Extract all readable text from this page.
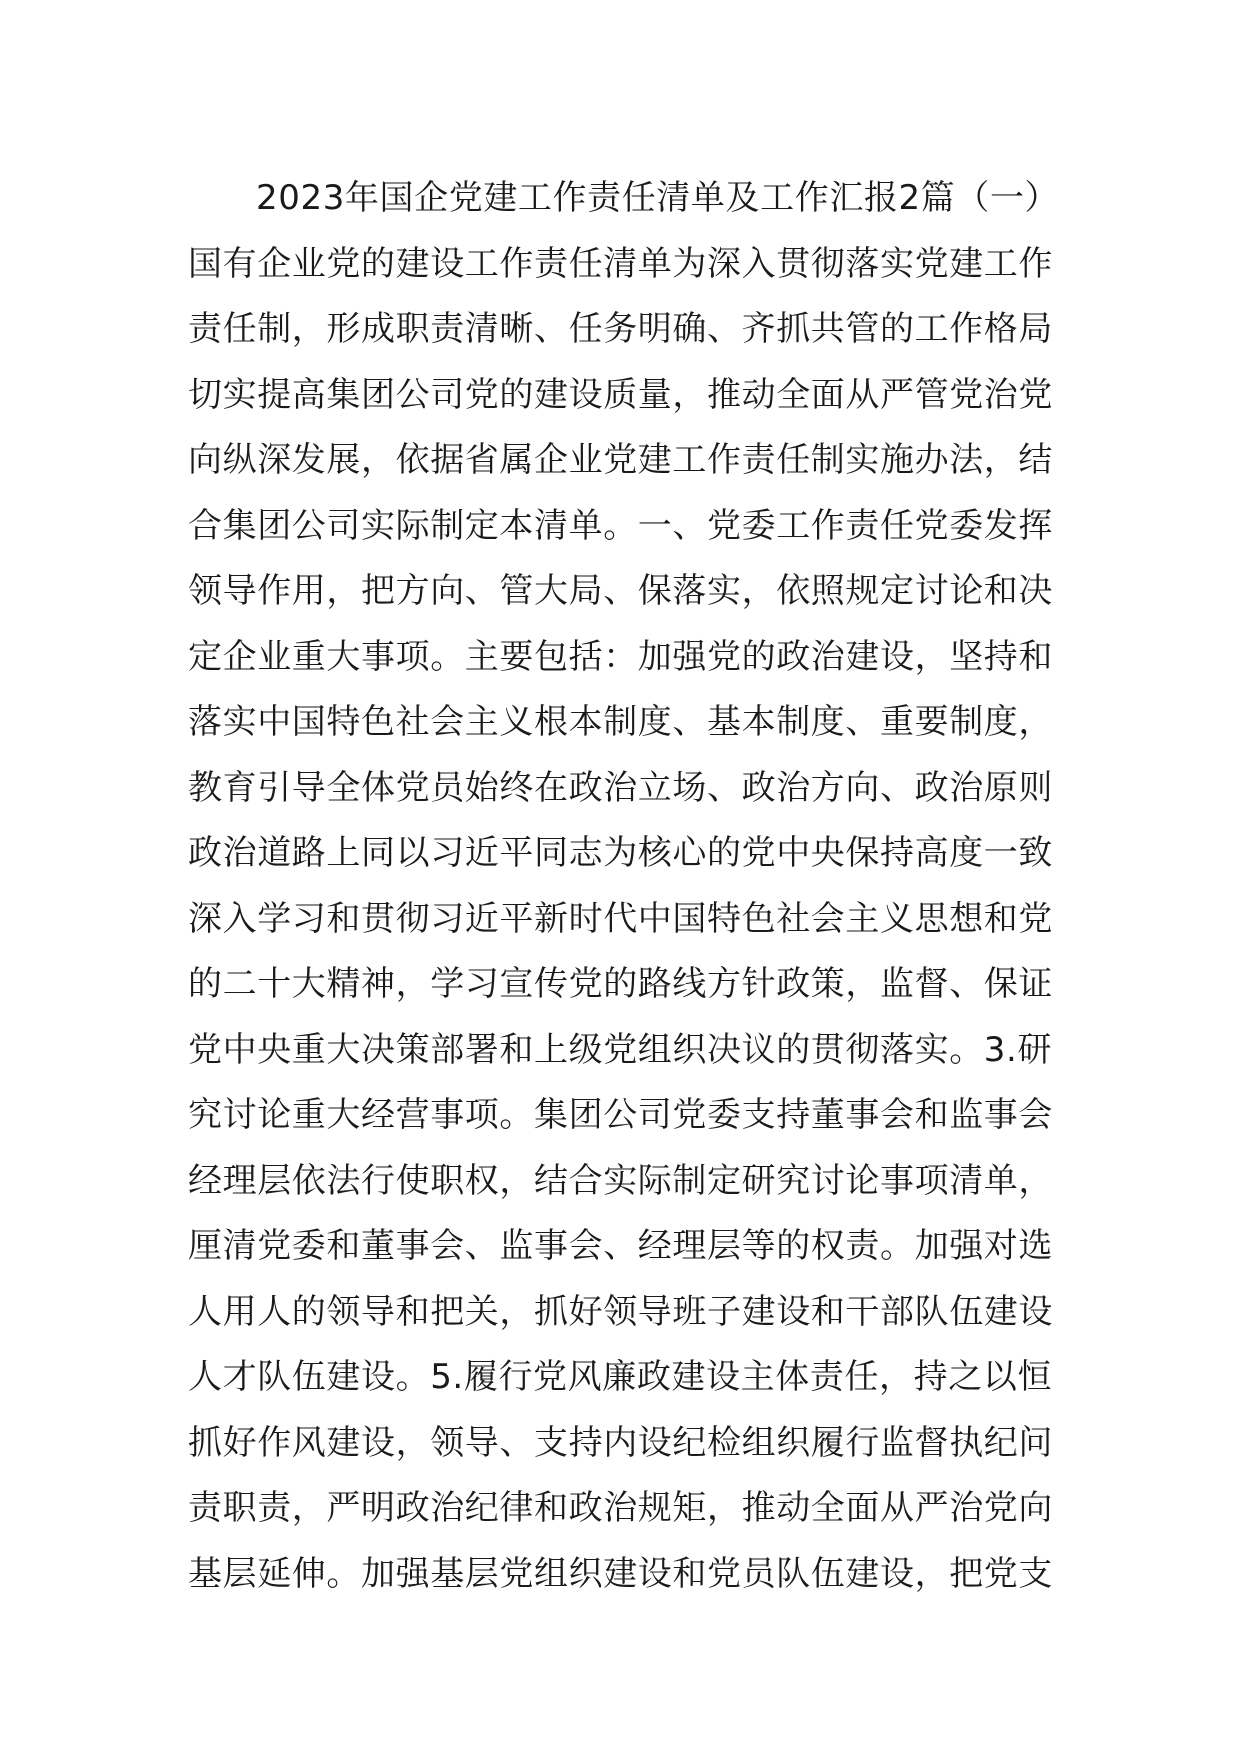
2023年国企党建工作责任清单及工作汇报2篇（一）
国有企业党的建设工作责任清单为深入贯彻落实党建工作
责任制，形成职责清晰、任务明确、齐抓共管的工作格局
切实提高集团公司党的建设质量，推动全面从严管党治党
向纵深发展，依据省属企业党建工作责任制实施办法，结
合集团公司实际制定本清单。一、党委工作责任党委发挥
领导作用，把方向、管大局、保落实，依照规定讨论和决
定企业重大事项。主要包括：加强党的政治建设，坚持和
落实中国特色社会主义根本制度、基本制度、重要制度，
教育引导全体党员始终在政治立场、政治方向、政治原则
政治道路上同以习近平同志为核心的党中央保持高度一致
深入学习和贯彻习近平新时代中国特色社会主义思想和党
的二十大精神，学习宣传党的路线方针政策，监督、保证
党中央重大决策部署和上级党组织决议的贯彻落实。3.研
究讨论重大经营事项。集团公司党委支持董事会和监事会
经理层依法行使职权，结合实际制定研究讨论事项清单，
厘清党委和董事会、监事会、经理层等的权责。加强对选
人用人的领导和把关，抓好领导班子建设和干部队伍建设
人才队伍建设。5.履行党风廉政建设主体责任，持之以恒
抓好作风建设，领导、支持内设纪检组织履行监督执纪问
责职责，严明政治纪律和政治规矩，推动全面从严治党向
基层延伸。加强基层党组织建设和党员队伍建设，把党支
